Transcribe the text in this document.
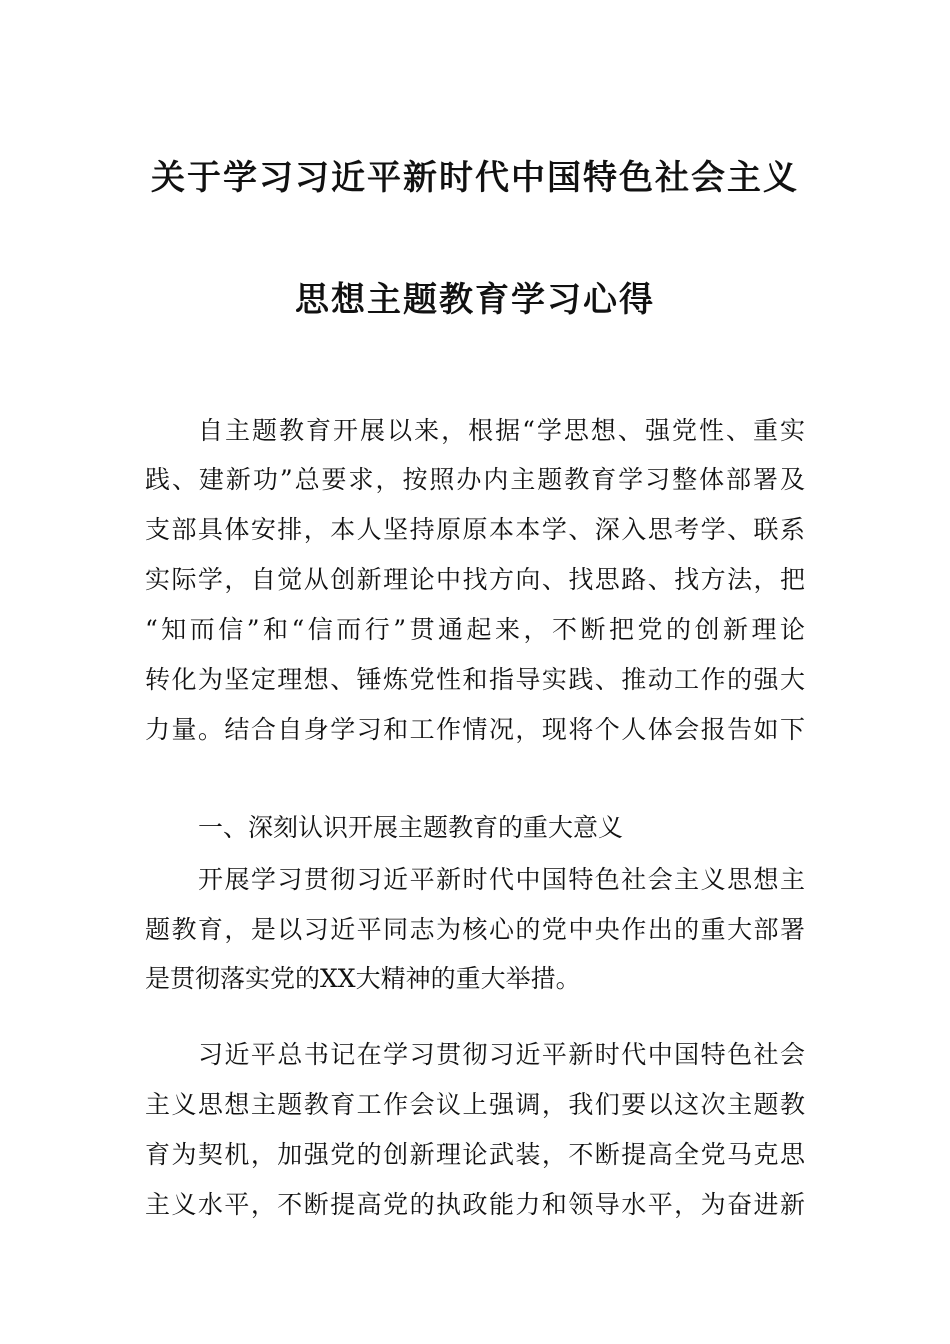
关于学习习近平新时代中国特色社会主义
思想主题教育学习心得
自主题教育开展以来，根据“学思想、强党性、重实
践、建新功”总要求，按照办内主题教育学习整体部署及
支部具体安排，本人坚持原原本本学、深入思考学、联系
实际学，自觉从创新理论中找方向、找思路、找方法，把
“知而信”和“信而行”贯通起来，不断把党的创新理论
转化为坚定理想、锤炼党性和指导实践、推动工作的强大
力量。结合自身学习和工作情况，现将个人体会报告如下
一、深刻认识开展主题教育的重大意义
开展学习贯彻习近平新时代中国特色社会主义思想主
题教育，是以习近平同志为核心的党中央作出的重大部署
是贯彻落实党的XX大精神的重大举措。
习近平总书记在学习贯彻习近平新时代中国特色社会
主义思想主题教育工作会议上强调，我们要以这次主题教
育为契机，加强党的创新理论武装，不断提高全党马克思
主义水平，不断提高党的执政能力和领导水平，为奋进新
